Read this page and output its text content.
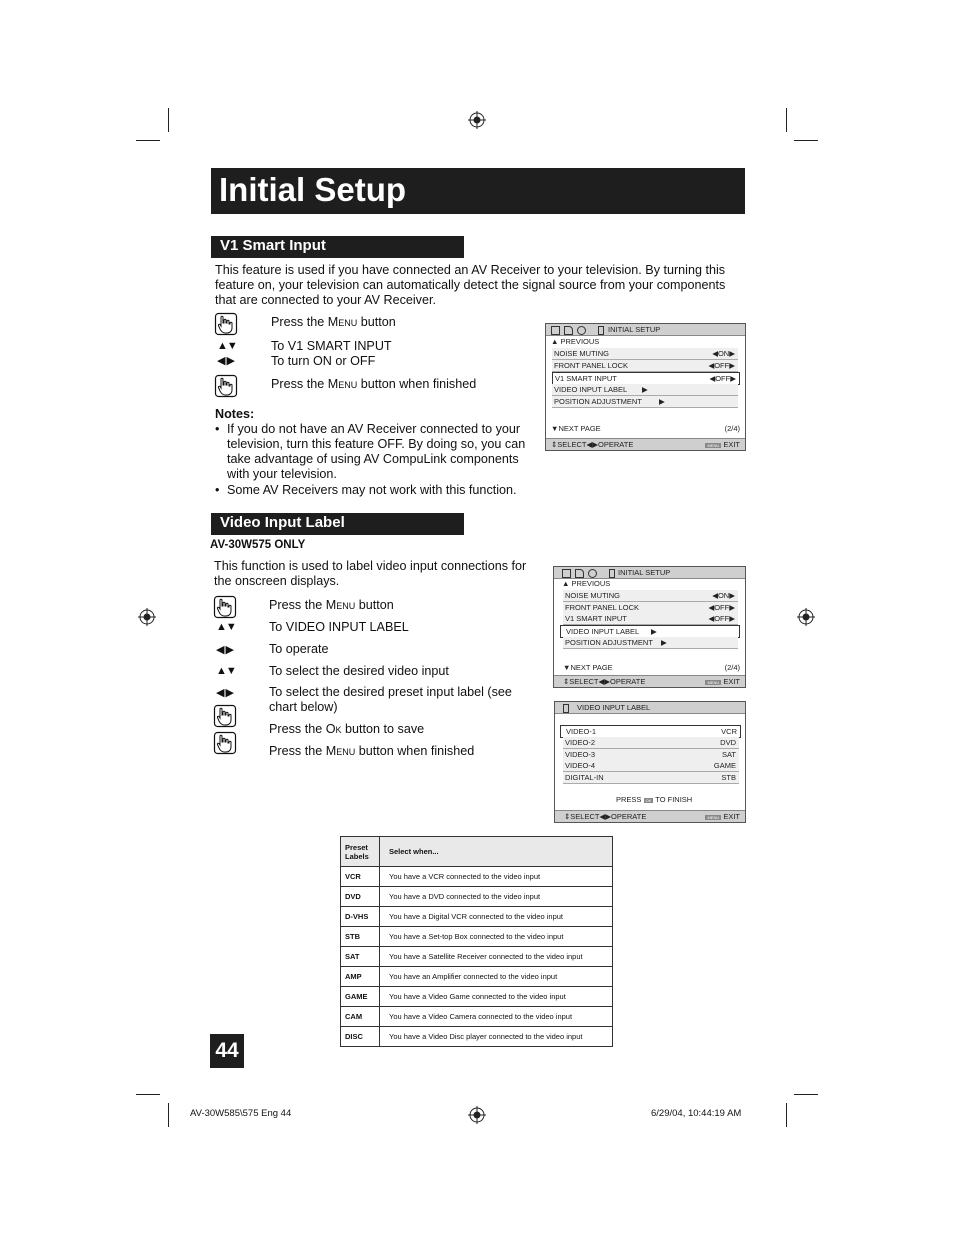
Initial Setup
V1 Smart Input
This feature is used if you have connected an AV Receiver to your television. By turning this
feature on, your television can automatically detect the signal source from your components
that are connected to your AV Receiver.
Press the Menu button
▲▼
◀ ▶
To V1 SMART INPUT
To turn ON or OFF
Press the Menu button when finished
Notes:
• If you do not have an AV Receiver connected to your
television, turn this feature OFF. By doing so, you can
take advantage of using AV CompuLink components
with your television.
• Some AV Receivers may not work with this function.
INITIAL SETUP
▲ PREVIOUS
NOISE MUTING	◀ON▶
FRONT PANEL LOCK	◀OFF▶
V1 SMART INPUT	◀OFF▶
VIDEO INPUT LABEL ▶
POSITION ADJUSTMENT ▶
▼NEXT PAGE	(2/4)
⇕SELECT◀▶OPERATE	MENU EXIT
Video Input Label
AV-30W575 ONLY
This function is used to label video input connections for
the onscreen displays.
Press the Menu button
▲▼	To VIDEO INPUT LABEL
◀ ▶	To operate
▲▼	To select the desired video input
◀ ▶	To select the desired preset input label (see
chart below)
Press the Ok button to save
Press the Menu button when finished
INITIAL SETUP
▲ PREVIOUS
NOISE MUTING	◀ON▶
FRONT PANEL LOCK	◀OFF▶
V1 SMART INPUT	◀OFF▶
VIDEO INPUT LABEL ▶
POSITION ADJUSTMENT ▶
▼NEXT PAGE	(2/4)
⇕SELECT◀▶OPERATE	MENU EXIT
VIDEO INPUT LABEL
VIDEO-1	VCR
VIDEO-2	DVD
VIDEO-3	SAT
VIDEO-4	GAME
DIGITAL-IN	STB
PRESS OK TO FINISH
⇕SELECT◀▶OPERATE	MENU EXIT
Preset
Labels	Select when...
VCR	You have a VCR connected to the video input
DVD	You have a DVD connected to the video input
D-VHS	You have a Digital VCR connected to the video input
STB	You have a Set-top Box connected to the video input
SAT	You have a Satellite Receiver connected to the video input
AMP	You have an Amplifier connected to the video input
GAME	You have a Video Game connected to the video input
CAM	You have a Video Camera connected to the video input
DISC	You have a Video Disc player connected to the video input
44
AV-30W585\575 Eng 44	6/29/04, 10:44:19 AM
